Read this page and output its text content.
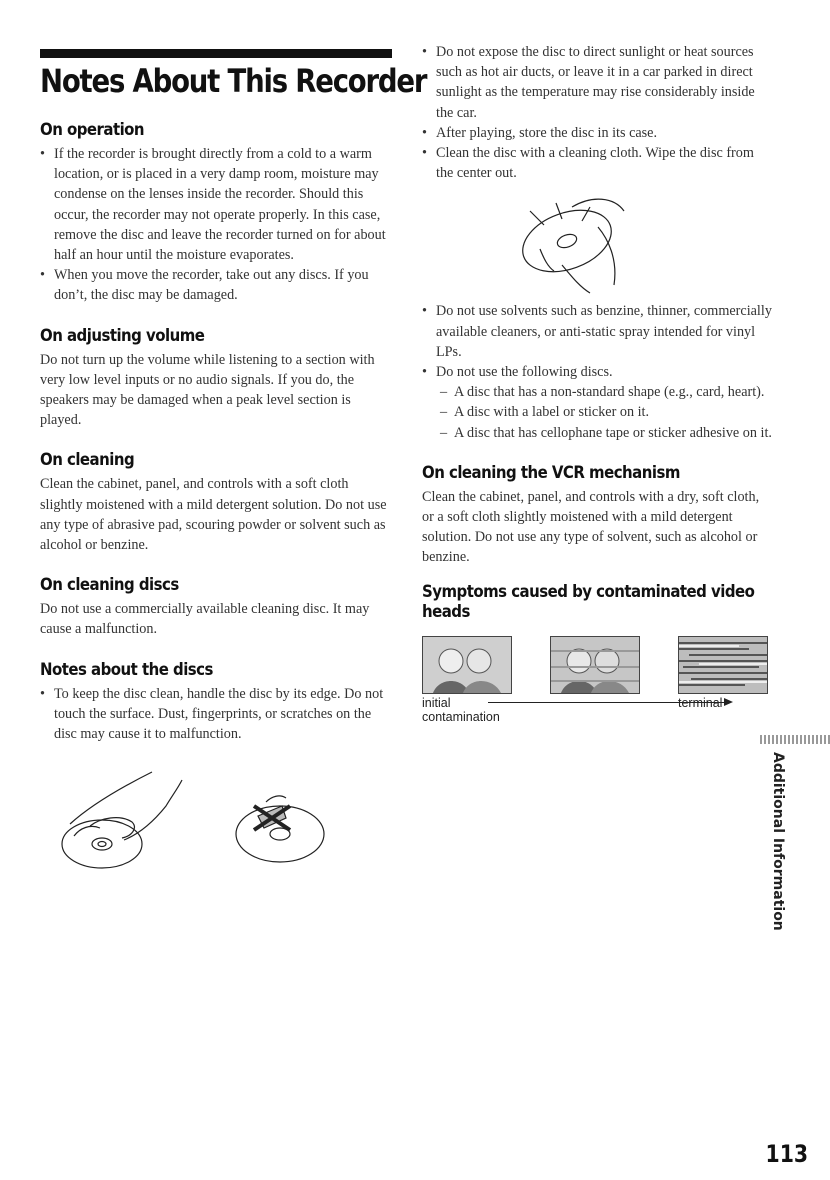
Notes About This Recorder
On operation
• If the recorder is brought directly from a cold to a warm location, or is placed in a very damp room, moisture may condense on the lenses inside the recorder. Should this occur, the recorder may not operate properly. In this case, remove the disc and leave the recorder turned on for about half an hour until the moisture evaporates.
• When you move the recorder, take out any discs. If you don’t, the disc may be damaged.
On adjusting volume

Do not turn up the volume while listening to a section with very low level inputs or no audio signals. If you do, the speakers may be damaged when a peak level section is played.

On cleaning

Clean the cabinet, panel, and controls with a soft cloth slightly moistened with a mild detergent solution. Do not use any type of abrasive pad, scouring powder or solvent such as alcohol or benzine.

On cleaning discs

Do not use a commercially available cleaning disc. It may cause a malfunction.

Notes about the discs
• To keep the disc clean, handle the disc by its edge. Do not touch the surface. Dust, fingerprints, or scratches on the disc may cause it to malfunction.
• Do not expose the disc to direct sunlight or heat sources such as hot air ducts, or leave it in a car parked in direct sunlight as the temperature may rise considerably inside the car.
• After playing, store the disc in its case.
• Clean the disc with a cleaning cloth. Wipe the disc from the center out.
• Do not use solvents such as benzine, thinner, commercially available cleaners, or anti-static spray intended for vinyl LPs.
• Do not use the following discs.
– A disc that has a non-standard shape (e.g., card, heart).
– A disc with a label or sticker on it.
– A disc that has cellophane tape or sticker adhesive on it.
On cleaning the VCR mechanism

Clean the cabinet, panel, and controls with a dry, soft cloth, or a soft cloth slightly moistened with a mild detergent solution. Do not use any type of solvent, such as alcohol or benzine.

Symptoms caused by contaminated video heads
initial
contamination
terminal
Additional Information
113
